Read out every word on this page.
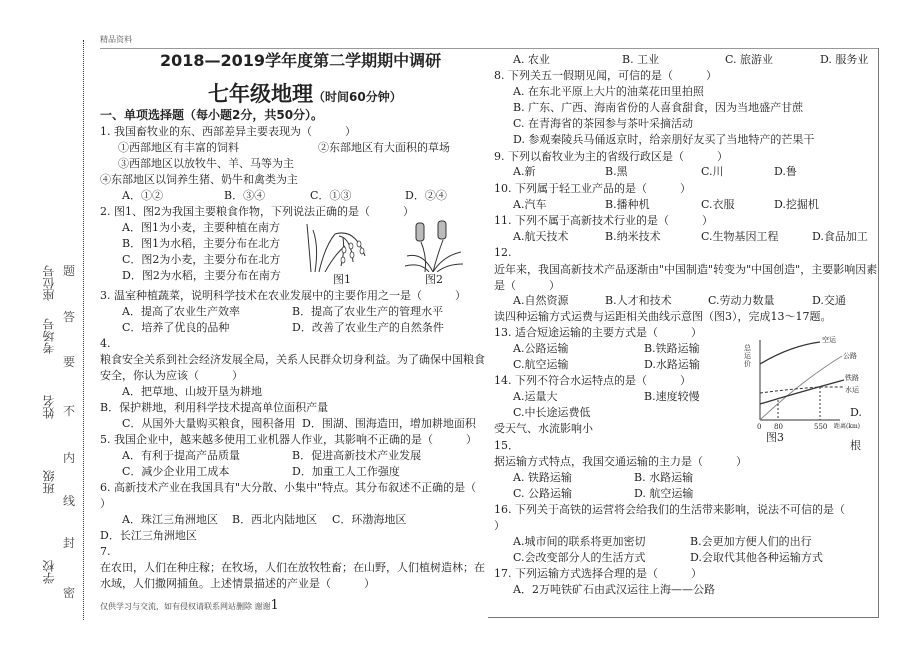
精品资料
学校
班级
姓名
考场号
座位号
密
封
线
内
不
要
答
题
2018—2019学年度第二学期期中调研
七年级地理（时间60分钟）
一、单项选择题（每小题2分，共50分）。
1. 我国畜牧业的东、西部差异主要表现为（　　　）
①西部地区有丰富的饲料	②东部地区有大面积的草场
③西部地区以放牧牛、羊、马等为主
④东部地区以饲养生猪、奶牛和禽类为主
A．①②	B．③④	C．①③	D．②④
2. 图1、图2为我国主要粮食作物，下列说法正确的是（　　　）
A．图1为小麦，主要种植在南方
B．图1为水稻，主要分布在北方
C．图2为小麦，主要分布在北方
D．图2为水稻，主要分布在南方	图1	图2
3. 温室种植蔬菜，说明科学技术在农业发展中的主要作用之一是（　　　）
A．提高了农业生产效率	B．提高了农业生产的管理水平
C．培养了优良的品种	D．改善了农业生产的自然条件
4.
粮食安全关系到社会经济发展全局，关系人民群众切身利益。为了确保中国粮食
安全，你认为应该（　　　）
A．把草地、山坡开垦为耕地
B．保护耕地，利用科学技术提高单位面积产量
C．从国外大量购买粮食，囤积备用 D．围湖、围海造田，增加耕地面积
5. 我国企业中，越来越多使用工业机器人作业，其影响不正确的是（　　　）
A．有利于提高产品质量	B．促进高新技术产业发展
C．减少企业用工成本	D．加重工人工作强度
6. 高新技术产业在我国具有"大分散、小集中"特点。其分布叙述不正确的是（
）
A．珠江三角洲地区 B．西北内陆地区 C．环渤海地区
D．长江三角洲地区
7.
在农田，人们在种庄稼；在牧场，人们在放牧牲畜；在山野，人们植树造林；在
水域，人们撒网捕鱼。上述情景描述的产业是（　　　）
仅供学习与交流，如有侵权请联系网站删除 谢谢1
A. 农业	B. 工业	C. 旅游业	D. 服务业
8. 下列关五一假期见闻，可信的是（　　　）
A. 在东北平原上大片的油菜花田里拍照
B. 广东、广西、海南省份的人喜食甜食，因为当地盛产甘蔗
C. 在青海省的茶园参与茶叶采摘活动
D. 参观秦陵兵马俑返京时，给亲朋好友买了当地特产的芒果干
9. 下列以畜牧业为主的省级行政区是（　　　）
A.新	B.黑	C.川	D.鲁
10. 下列属于轻工业产品的是（　　　）
A.汽车	B.播种机	C.衣服	D.挖掘机
11. 下列不属于高新技术行业的是（　　　）
A.航天技术	B.纳米技术	C.生物基因工程	D.食品加工
12.
近年来，我国高新技术产品逐渐由"中国制造"转变为"中国创造"，主要影响因素
是（　　　）
A.自然资源	B.人才和技术	C.劳动力数量	D.交通
读四种运输方式运费与运距相关曲线示意图（图3），完成13～17题。
13. 适合短途运输的主要方式是（　　　）
A.公路运输	B.铁路运输
C.航空运输	D.水路运输
14. 下列不符合水运特点的是（　　　）
A.运量大	B.速度较慢
C.中长途运费低	D.
受天气、水流影响小
15．	根
据运输方式特点，我国交通运输的主力是（　　　）
A. 铁路运输	B. 水路运输
C. 公路运输	D. 航空运输
16. 下列关于高铁的运营将会给我们的生活带来影响，说法不可信的是（
）
A.城市间的联系将更加密切	B.会更加方便人们的出行
C.会改变部分人的生活方式	D.会取代其他各种运输方式
17. 下列运输方式选择合理的是（　　　）
A．2万吨铁矿石由武汉运往上海——公路
总运价
空运
公路
铁路
水运
0 80	550 距离(km)
图3
